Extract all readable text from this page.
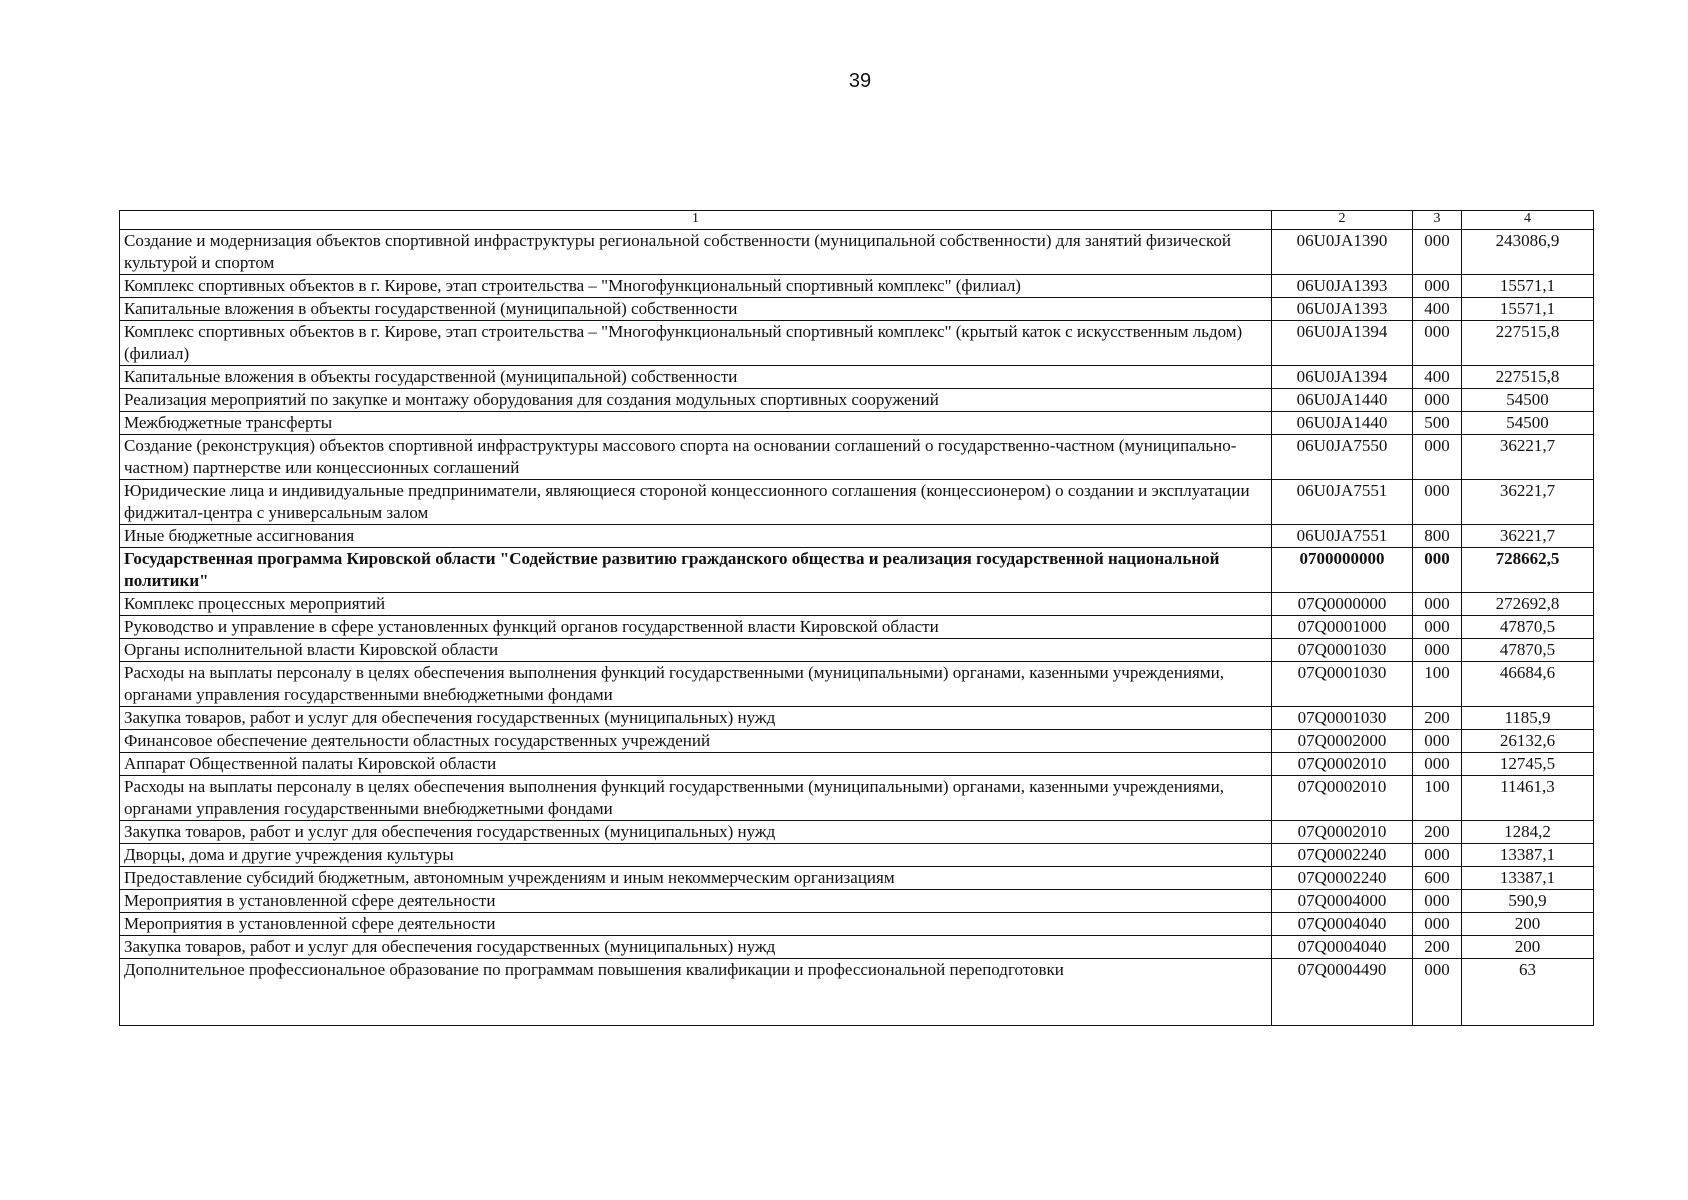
39
1	2	3	4
Создание и модернизация объектов спортивной инфраструктуры региональной собственности (муниципальной собственности) для занятий физической культурой и спортом	06U0JA1390	000	243086,9
Комплекс спортивных объектов в г. Кирове, этап строительства – "Многофункциональный спортивный комплекс" (филиал)	06U0JA1393	000	15571,1
Капитальные вложения в объекты государственной (муниципальной) собственности	06U0JA1393	400	15571,1
Комплекс спортивных объектов в г. Кирове, этап строительства – "Многофункциональный спортивный комплекс" (крытый каток с искусственным льдом) (филиал)	06U0JA1394	000	227515,8
Капитальные вложения в объекты государственной (муниципальной) собственности	06U0JA1394	400	227515,8
Реализация мероприятий по закупке и монтажу оборудования для создания модульных спортивных сооружений	06U0JA1440	000	54500
Межбюджетные трансферты	06U0JA1440	500	54500
Создание (реконструкция) объектов спортивной инфраструктуры массового спорта на основании соглашений о государственно-частном (муниципально-частном) партнерстве или концессионных соглашений	06U0JA7550	000	36221,7
Юридические лица и индивидуальные предприниматели, являющиеся стороной концессионного соглашения (концессионером) о создании и эксплуатации фиджитал-центра с универсальным залом	06U0JA7551	000	36221,7
Иные бюджетные ассигнования	06U0JA7551	800	36221,7
Государственная программа Кировской области "Содействие развитию гражданского общества и реализация государственной национальной политики"	0700000000	000	728662,5
Комплекс процессных мероприятий	07Q0000000	000	272692,8
Руководство и управление в сфере установленных функций органов государственной власти Кировской области	07Q0001000	000	47870,5
Органы исполнительной власти Кировской области	07Q0001030	000	47870,5
Расходы на выплаты персоналу в целях обеспечения выполнения функций государственными (муниципальными) органами, казенными учреждениями, органами управления государственными внебюджетными фондами	07Q0001030	100	46684,6
Закупка товаров, работ и услуг для обеспечения государственных (муниципальных) нужд	07Q0001030	200	1185,9
Финансовое обеспечение деятельности областных государственных учреждений	07Q0002000	000	26132,6
Аппарат Общественной палаты Кировской области	07Q0002010	000	12745,5
Расходы на выплаты персоналу в целях обеспечения выполнения функций государственными (муниципальными) органами, казенными учреждениями, органами управления государственными внебюджетными фондами	07Q0002010	100	11461,3
Закупка товаров, работ и услуг для обеспечения государственных (муниципальных) нужд	07Q0002010	200	1284,2
Дворцы, дома и другие учреждения культуры	07Q0002240	000	13387,1
Предоставление субсидий бюджетным, автономным учреждениям и иным некоммерческим организациям	07Q0002240	600	13387,1
Мероприятия в установленной сфере деятельности	07Q0004000	000	590,9
Мероприятия в установленной сфере деятельности	07Q0004040	000	200
Закупка товаров, работ и услуг для обеспечения государственных (муниципальных) нужд	07Q0004040	200	200
Дополнительное профессиональное образование по программам повышения квалификации и профессиональной переподготовки	07Q0004490	000	63
